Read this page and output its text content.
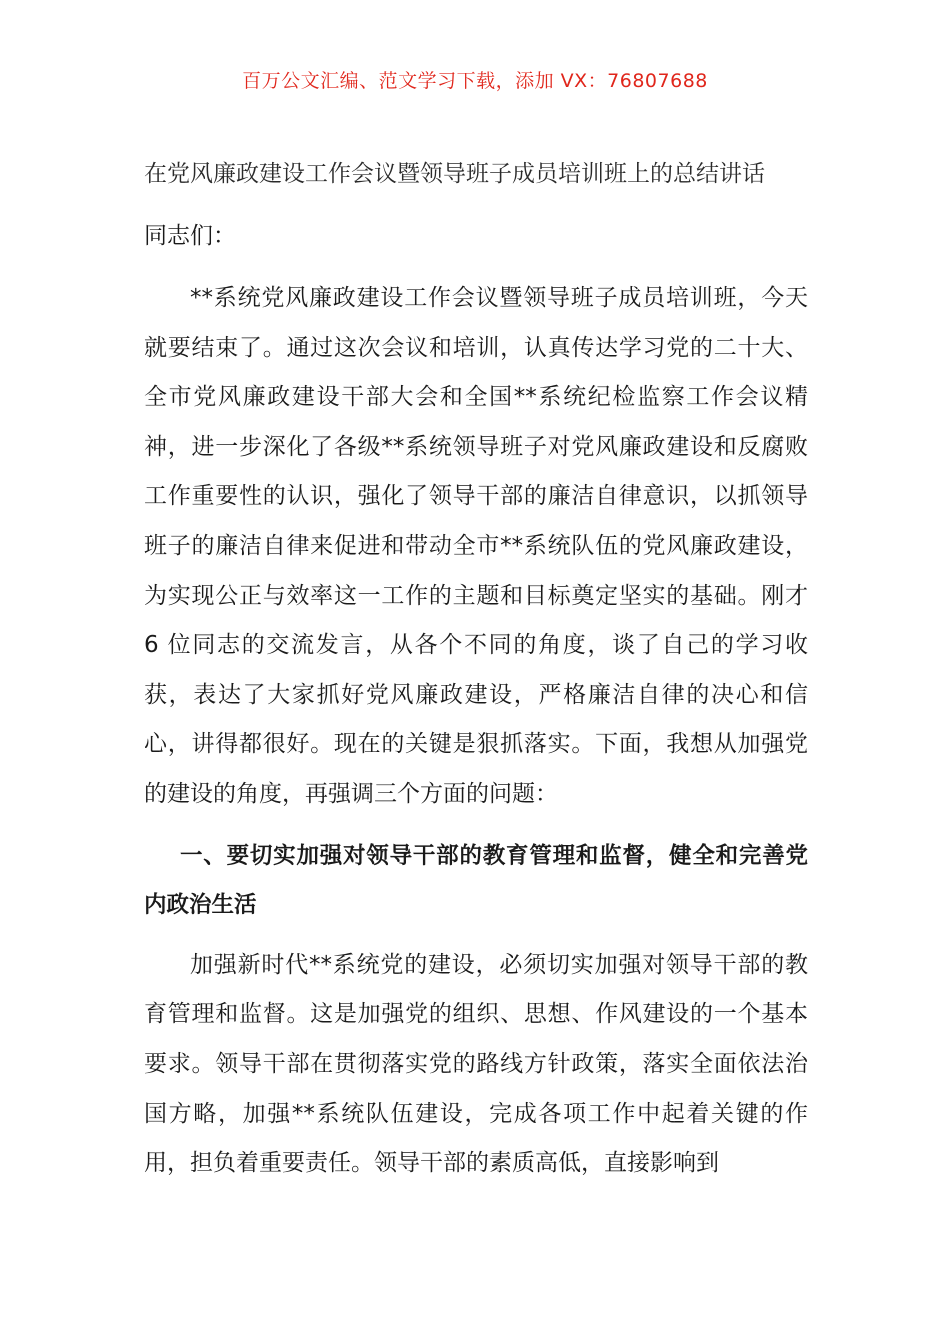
百万公文汇编、范文学习下载，添加 VX：76807688
在党风廉政建设工作会议暨领导班子成员培训班上的总结讲话
同志们：

**系统党风廉政建设工作会议暨领导班子成员培训班，今天就要结束了。通过这次会议和培训，认真传达学习党的二十大、全市党风廉政建设干部大会和全国**系统纪检监察工作会议精神，进一步深化了各级**系统领导班子对党风廉政建设和反腐败工作重要性的认识，强化了领导干部的廉洁自律意识，以抓领导班子的廉洁自律来促进和带动全市**系统队伍的党风廉政建设，为实现公正与效率这一工作的主题和目标奠定坚实的基础。刚才 6 位同志的交流发言，从各个不同的角度，谈了自己的学习收获，表达了大家抓好党风廉政建设，严格廉洁自律的决心和信心，讲得都很好。现在的关键是狠抓落实。下面，我想从加强党的建设的角度，再强调三个方面的问题：

一、要切实加强对领导干部的教育管理和监督，健全和完善党内政治生活

加强新时代**系统党的建设，必须切实加强对领导干部的教育管理和监督。这是加强党的组织、思想、作风建设的一个基本要求。领导干部在贯彻落实党的路线方针政策，落实全面依法治国方略，加强**系统队伍建设，完成各项工作中起着关键的作用，担负着重要责任。领导干部的素质高低，直接影响到
